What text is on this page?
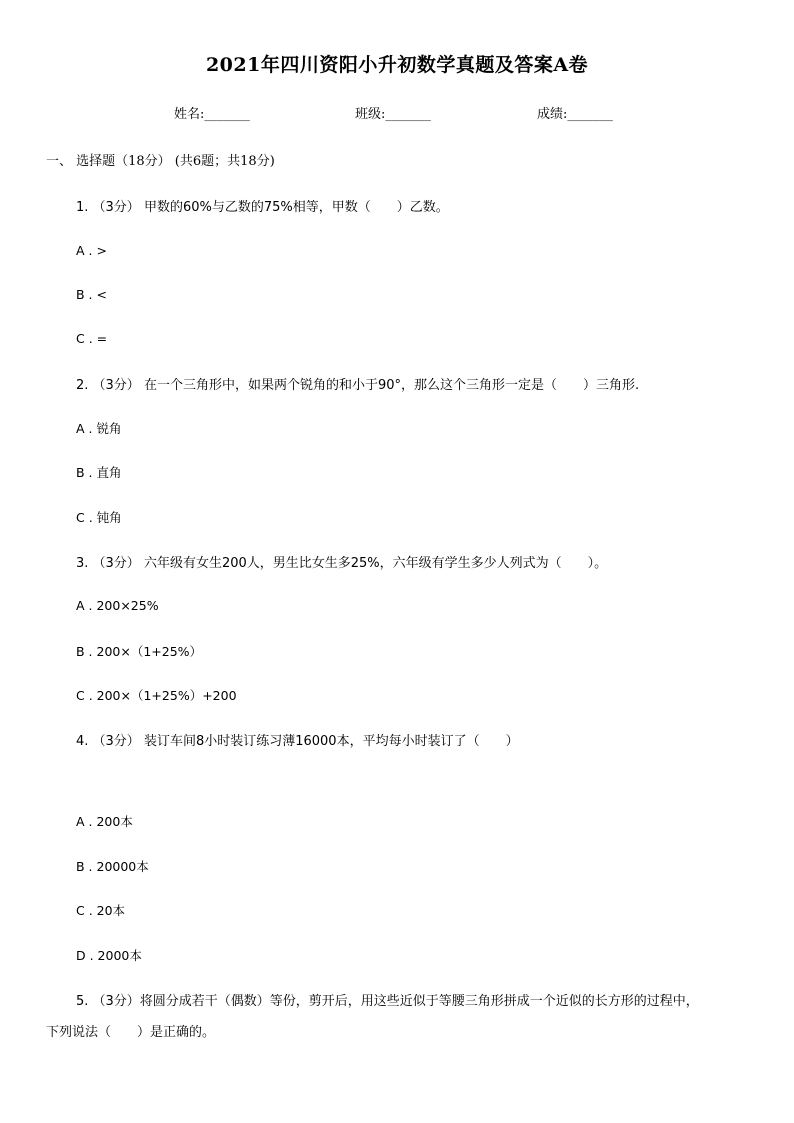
2021年四川资阳小升初数学真题及答案A卷
姓名:_______	班级:_______	成绩:_______
一、 选择题（18分） (共6题；共18分)
1. （3分） 甲数的60%与乙数的75%相等，甲数（　　）乙数。
A . >
B . <
C . =
2. （3分） 在一个三角形中，如果两个锐角的和小于90°，那么这个三角形一定是（　　）三角形.
A . 锐角
B . 直角
C . 钝角
3. （3分） 六年级有女生200人，男生比女生多25%，六年级有学生多少人列式为（　　）。
A . 200×25%
B . 200×（1+25%）
C . 200×（1+25%）+200
4. （3分） 装订车间8小时装订练习薄16000本，平均每小时装订了（　　）
A . 200本
B . 20000本
C . 20本
D . 2000本
5. （3分）将圆分成若干（偶数）等份，剪开后，用这些近似于等腰三角形拼成一个近似的长方形的过程中，
下列说法（　　）是正确的。
